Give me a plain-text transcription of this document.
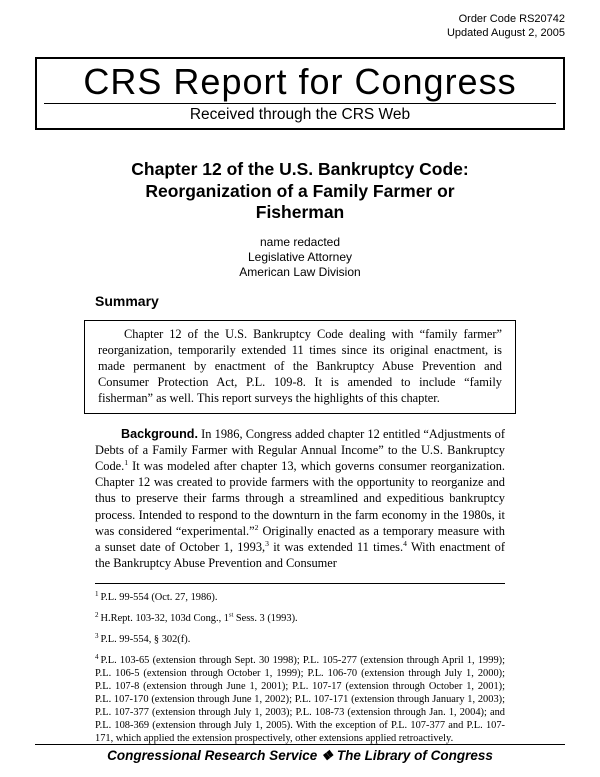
Order Code RS20742
Updated August 2, 2005
CRS Report for Congress
Received through the CRS Web
Chapter 12 of the U.S. Bankruptcy Code:
Reorganization of a Family Farmer or
Fisherman
name redacted
Legislative Attorney
American Law Division
Summary

Chapter 12 of the U.S. Bankruptcy Code dealing with “family farmer” reorganization, temporarily extended 11 times since its original enactment, is made permanent by enactment of the Bankruptcy Abuse Prevention and Consumer Protection Act, P.L. 109-8. It is amended to include “family fisherman” as well. This report surveys the highlights of this chapter.

Background. In 1986, Congress added chapter 12 entitled “Adjustments of Debts of a Family Farmer with Regular Annual Income” to the U.S. Bankruptcy Code.$^1$ It was modeled after chapter 13, which governs consumer reorganization. Chapter 12 was created to provide farmers with the opportunity to reorganize and thus to preserve their farms through a streamlined and expeditious bankruptcy process. Intended to respond to the downturn in the farm economy in the 1980s, it was considered “experimental.”$^2$ Originally enacted as a temporary measure with a sunset date of October 1, 1993,$^3$ it was extended 11 times.$^4$ With enactment of the Bankruptcy Abuse Prevention and Consumer

$^1$ P.L. 99-554 (Oct. 27, 1986).

$^2$ H.Rept. 103-32, 103d Cong., 1st Sess. 3 (1993).

$^3$ P.L. 99-554, § 302(f).

$^4$ P.L. 103-65 (extension through Sept. 30 1998); P.L. 105-277 (extension through April 1, 1999); P.L. 106-5 (extension through October 1, 1999); P.L. 106-70 (extension through July 1, 2000); P.L. 107-8 (extension through June 1, 2001); P.L. 107-17 (extension through October 1, 2001); P.L. 107-170 (extension through June 1, 2002); P.L. 107-171 (extension through January 1, 2003); P.L. 107-377 (extension through July 1, 2003); P.L. 108-73 (extension through Jan. 1, 2004); and P.L. 108-369 (extension through July 1, 2005). With the exception of P.L. 107-377 and P.L. 107-171, which applied the extension prospectively, other extensions applied retroactively.

Congressional Research Service ❖ The Library of Congress
